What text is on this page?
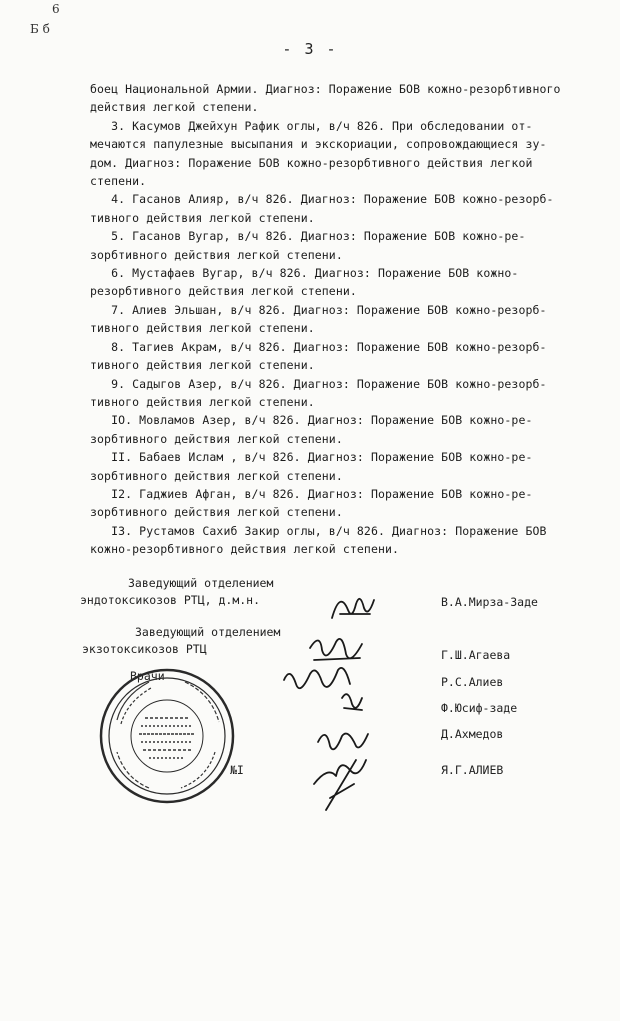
6
Б б
- 3 -

боец Национальной Армии. Диагноз: Поражение БОВ кожно-резорбтивного

действия легкой степени.

3. Касумов Джейхун Рафик оглы, в/ч 826. При обследовании от-

мечаются папулезные высыпания и экскориации, сопровождающиеся зу-

дом. Диагноз: Поражение БОВ кожно-резорбтивного действия легкой

степени.

4. Гасанов Алияр, в/ч 826. Диагноз: Поражение БОВ кожно-резорб-

тивного действия легкой степени.

5. Гасанов Вугар, в/ч 826. Диагноз: Поражение БОВ кожно-ре-

зорбтивного действия легкой степени.

6. Мустафаев Вугар, в/ч 826. Диагноз: Поражение БОВ кожно-

резорбтивного действия легкой степени.

7. Алиев Эльшан, в/ч 826. Диагноз: Поражение БОВ кожно-резорб-

тивного действия легкой степени.

8. Тагиев Акрам, в/ч 826. Диагноз: Поражение БОВ кожно-резорб-

тивного действия легкой степени.

9. Садыгов Азер, в/ч 826. Диагноз: Поражение БОВ кожно-резорб-

тивного действия легкой степени.

ІО. Мовламов Азер, в/ч 826. Диагноз: Поражение БОВ кожно-ре-

зорбтивного действия легкой степени.

ІІ. Бабаев Ислам , в/ч 826. Диагноз: Поражение БОВ кожно-ре-

зорбтивного действия легкой степени.

І2. Гаджиев Афган, в/ч 826. Диагноз: Поражение БОВ кожно-ре-

зорбтивного действия легкой степени.

І3. Рустамов Сахиб Закир оглы, в/ч 826. Диагноз: Поражение БОВ

кожно-резорбтивного действия легкой степени.

Заведующий отделением
эндотоксикозов РТЦ, д.м.н.	В.А.Мирза-Заде
Заведующий отделением
экзотоксикозов РТЦ	Г.Ш.Агаева
Врачи	Р.С.Алиев
Ф.Юсиф-заде
Д.Ахмедов
Я.Г.АЛИЕВ
№I
